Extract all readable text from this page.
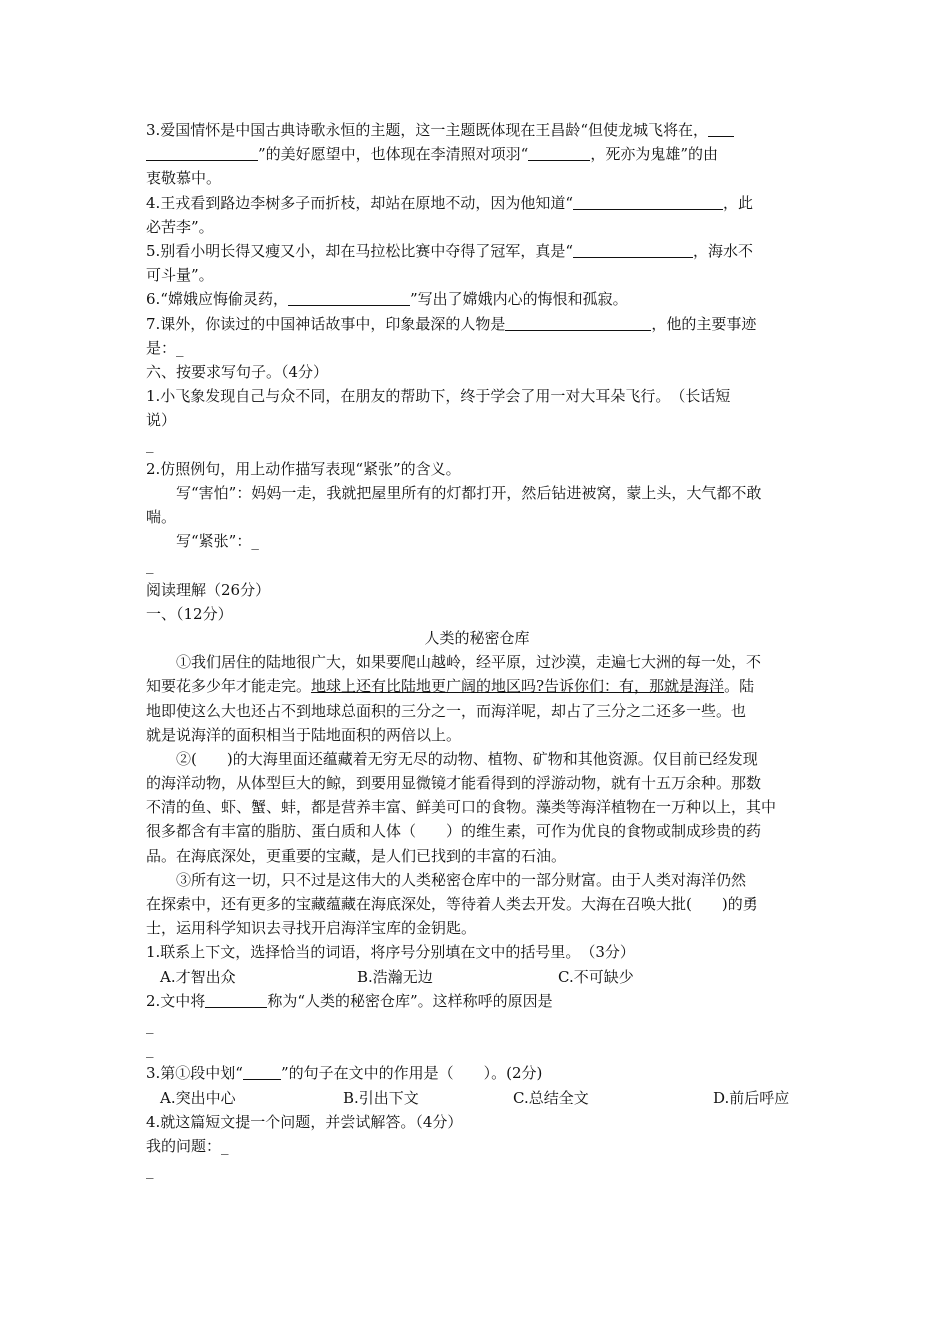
3.爱国情怀是中国古典诗歌永恒的主题，这一主题既体现在王昌龄“但使龙城飞将在，
”的美好愿望中，也体现在李清照对项羽“	，死亦为鬼雄”的由
衷敬慕中。
4.王戎看到路边李树多子而折枝，却站在原地不动，因为他知道“	，此
必苦李”。
5.别看小明长得又瘦又小，却在马拉松比赛中夺得了冠军，真是“	，海水不
可斗量”。
6.“嫦娥应悔偷灵药，	”写出了嫦娥内心的悔恨和孤寂。
7.课外，你读过的中国神话故事中，印象最深的人物是	，他的主要事迹
是：_
六、按要求写句子。（4分）
1.小飞象发现自己与众不同，在朋友的帮助下，终于学会了用一对大耳朵飞行。　（长话短
说）
_
2.仿照例句，用上动作描写表现“紧张”的含义。
写“害怕”：妈妈一走，我就把屋里所有的灯都打开，然后钻进被窝，蒙上头，大气都不敢
喘。
写“紧张”：_
_
阅读理解（26分）
一、（12分）
人类的秘密仓库
①我们居住的陆地很广大，如果要爬山越岭，经平原，过沙漠，走遍七大洲的每一处，不
知要花多少年才能走完。地球上还有比陆地更广阔的地区吗?告诉你们：有，那就是海洋。陆
地即使这么大也还占不到地球总面积的三分之一，而海洋呢，却占了三分之二还多一些。也
就是说海洋的面积相当于陆地面积的两倍以上。
②(　　)的大海里面还蕴藏着无穷无尽的动物、植物、矿物和其他资源。仅目前已经发现
的海洋动物，从体型巨大的鲸，到要用显微镜才能看得到的浮游动物，就有十五万余种。那数
不清的鱼、虾、蟹、蚌，都是营养丰富、鲜美可口的食物。藻类等海洋植物在一万种以上，其中
很多都含有丰富的脂肪、蛋白质和人体（　　）的维生素，可作为优良的食物或制成珍贵的药
品。在海底深处，更重要的宝藏，是人们已找到的丰富的石油。
③所有这一切，只不过是这伟大的人类秘密仓库中的一部分财富。由于人类对海洋仍然
在探索中，还有更多的宝藏蕴藏在海底深处，等待着人类去开发。大海在召唤大批(　　)的勇
士，运用科学知识去寻找开启海洋宝库的金钥匙。
1.联系上下文，选择恰当的词语，将序号分别填在文中的括号里。　（3分）
A.才智出众	B.浩瀚无边	C.不可缺少
2.文中将	称为“人类的秘密仓库”。这样称呼的原因是
_
_
3.第①段中划“	”的句子在文中的作用是（　　）。(2分)
A.突出中心	B.引出下文	C.总结全文	D.前后呼应
4.就这篇短文提一个问题，并尝试解答。（4分）
我的问题：_
_
